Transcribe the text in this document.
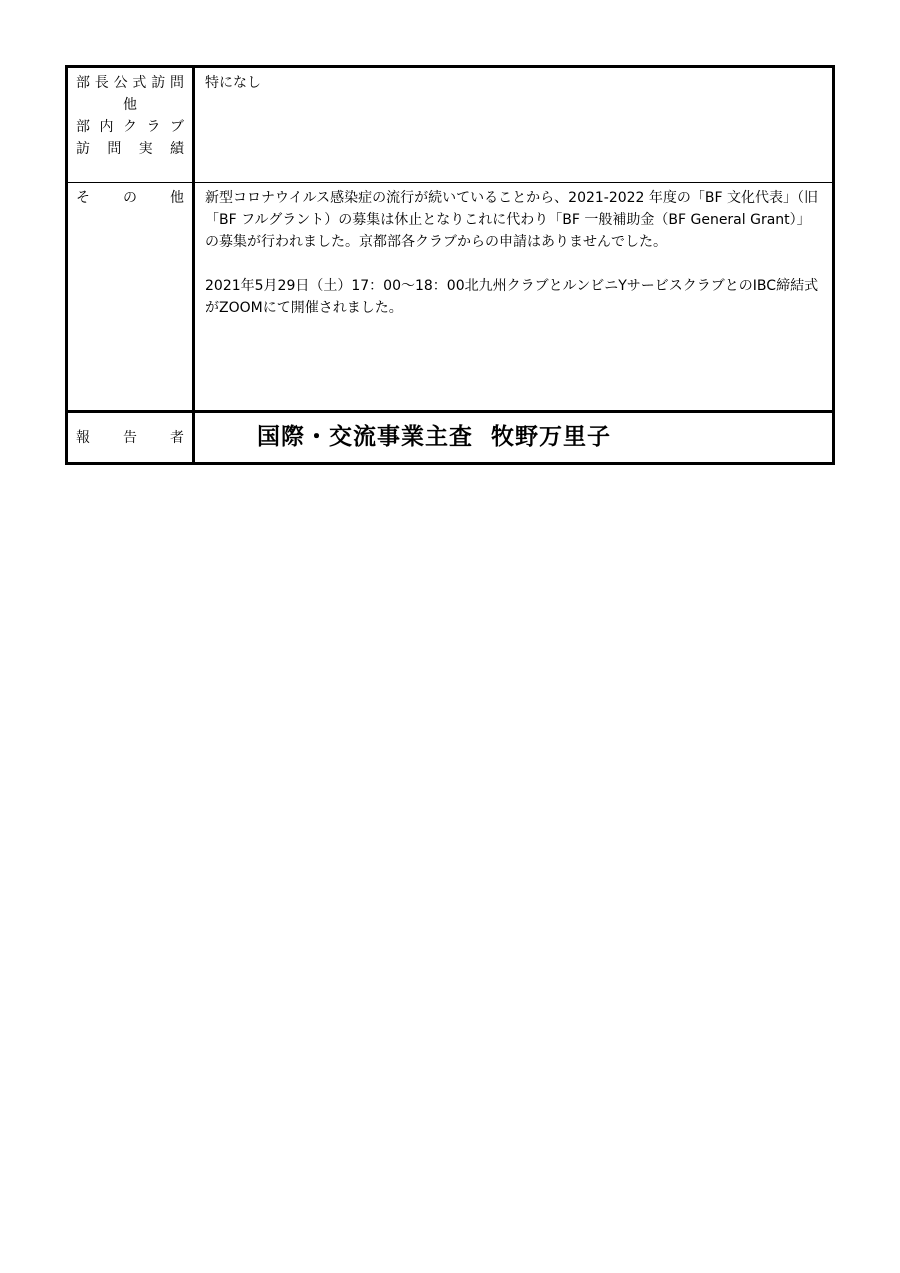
部 長 公 式 訪 問
他
部 内 ク ラ ブ
訪 問 実 績

特になし

そ の 他 新型コロナウイルス感染症の流行が続いていることから、2021-2022 年度の「BF 文化代表」（旧「BF フルグラント）の募集は休止となりこれに代わり「BF 一般補助金（BF General Grant）」の募集が行われました。京都部各クラブからの申請はありませんでした。

2021年5月29日（土）17：00～18：00北九州クラブとルンビニYサービスクラブとのIBC締結式がZOOMにて開催されました。

報 告 者	国際・交流事業主査 牧野万里子
